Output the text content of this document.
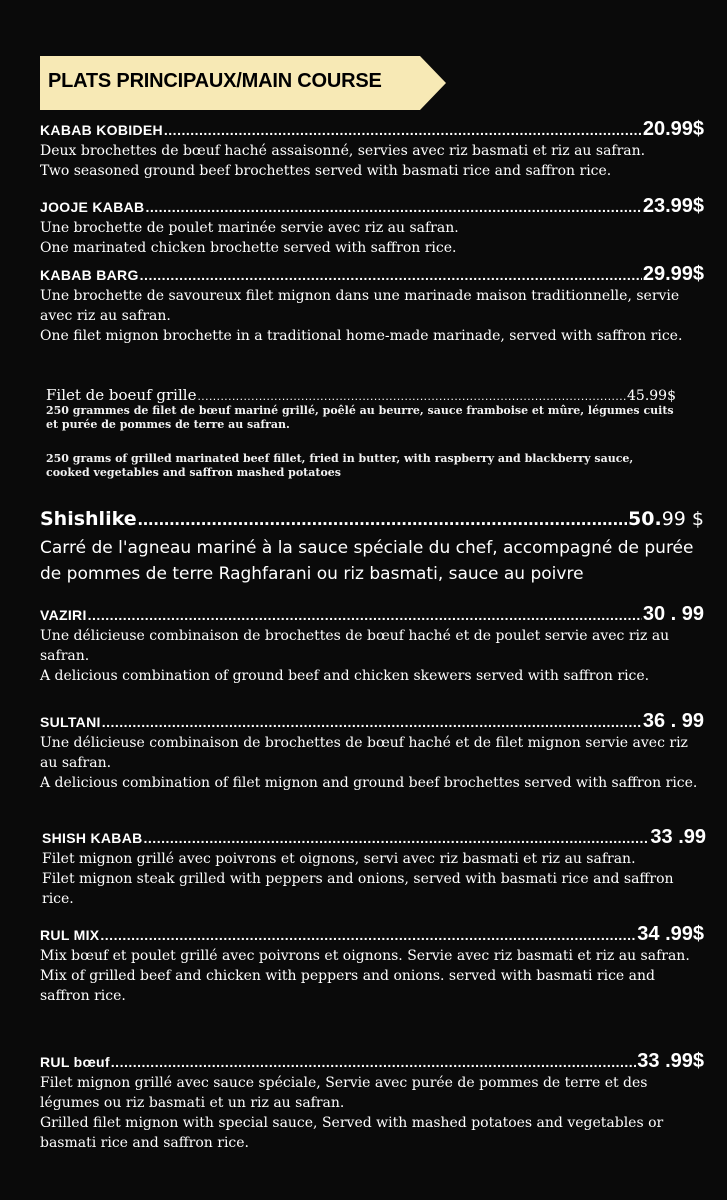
PLATS PRINCIPAUX/MAIN COURSE
KABAB KOBIDEH .....	20.99$

Deux brochettes de bœuf haché assaisonné, servies avec riz basmati et riz au safran.

Two seasoned ground beef brochettes served with basmati rice and saffron rice.

JOOJE KABAB .....	23.99$

Une brochette de poulet marinée servie avec riz au safran.

One marinated chicken brochette served with saffron rice.

KABAB BARG .....	29.99$

Une brochette de savoureux filet mignon dans une marinade maison traditionnelle, servie avec riz au safran.

One filet mignon brochette in a traditional home-made marinade, served with saffron rice.

Filet de boeuf grille .....	45.99$

250 grammes de filet de bœuf mariné grillé, poêlé au beurre, sauce framboise et mûre, légumes cuits et purée de pommes de terre au safran.

250 grams of grilled marinated beef fillet, fried in butter, with raspberry and blackberry sauce, cooked vegetables and saffron mashed potatoes

Shishlike .....	50.99 $

Carré de l'agneau mariné à la sauce spéciale du chef, accompagné de purée de pommes de terre Raghfarani ou riz basmati, sauce au poivre

VAZIRI .....	30 . 99

Une délicieuse combinaison de brochettes de bœuf haché et de poulet servie avec riz au safran.

A delicious combination of ground beef and chicken skewers served with saffron rice.

SULTANI .....	36 . 99

Une délicieuse combinaison de brochettes de bœuf haché et de filet mignon servie avec riz au safran.

A delicious combination of filet mignon and ground beef brochettes served with saffron rice.

SHISH KABAB .....	33 .99

Filet mignon grillé avec poivrons et oignons, servi avec riz basmati et riz au safran.

Filet mignon steak grilled with peppers and onions, served with basmati rice and saffron rice.

RUL MIX .....	34 .99$

Mix bœuf et poulet grillé avec poivrons et oignons. Servie avec riz basmati et riz au safran.

Mix of grilled beef and chicken with peppers and onions. served with basmati rice and saffron rice.

RUL bœuf .....	33 .99$

Filet mignon grillé avec sauce spéciale, Servie avec purée de pommes de terre et des légumes ou riz basmati et un riz au safran.

Grilled filet mignon with special sauce, Served with mashed potatoes and vegetables or basmati rice and saffron rice.
